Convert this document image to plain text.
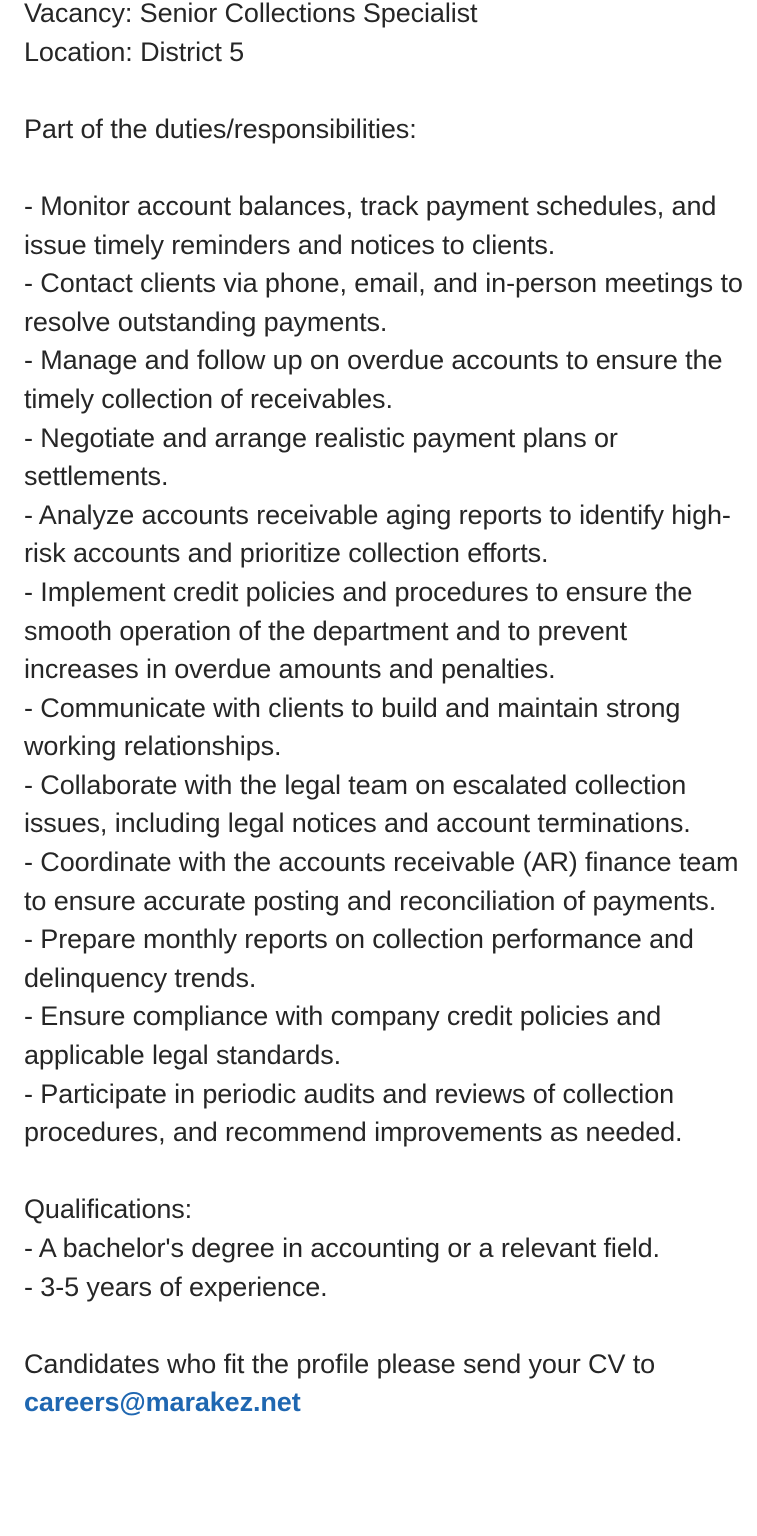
Vacancy: Senior Collections Specialist
Location: District 5
Part of the duties/responsibilities:
- Monitor account balances, track payment schedules, and issue timely reminders and notices to clients.
- Contact clients via phone, email, and in-person meetings to resolve outstanding payments.
- Manage and follow up on overdue accounts to ensure the timely collection of receivables.
- Negotiate and arrange realistic payment plans or settlements.
- Analyze accounts receivable aging reports to identify high-risk accounts and prioritize collection efforts.
- Implement credit policies and procedures to ensure the smooth operation of the department and to prevent increases in overdue amounts and penalties.
- Communicate with clients to build and maintain strong working relationships.
- Collaborate with the legal team on escalated collection issues, including legal notices and account terminations.
- Coordinate with the accounts receivable (AR) finance team to ensure accurate posting and reconciliation of payments.
- Prepare monthly reports on collection performance and delinquency trends.
- Ensure compliance with company credit policies and applicable legal standards.
- Participate in periodic audits and reviews of collection procedures, and recommend improvements as needed.
Qualifications:
- A bachelor's degree in accounting or a relevant field.
- 3-5 years of experience.
Candidates who fit the profile please send your CV to
careers@marakez.net
